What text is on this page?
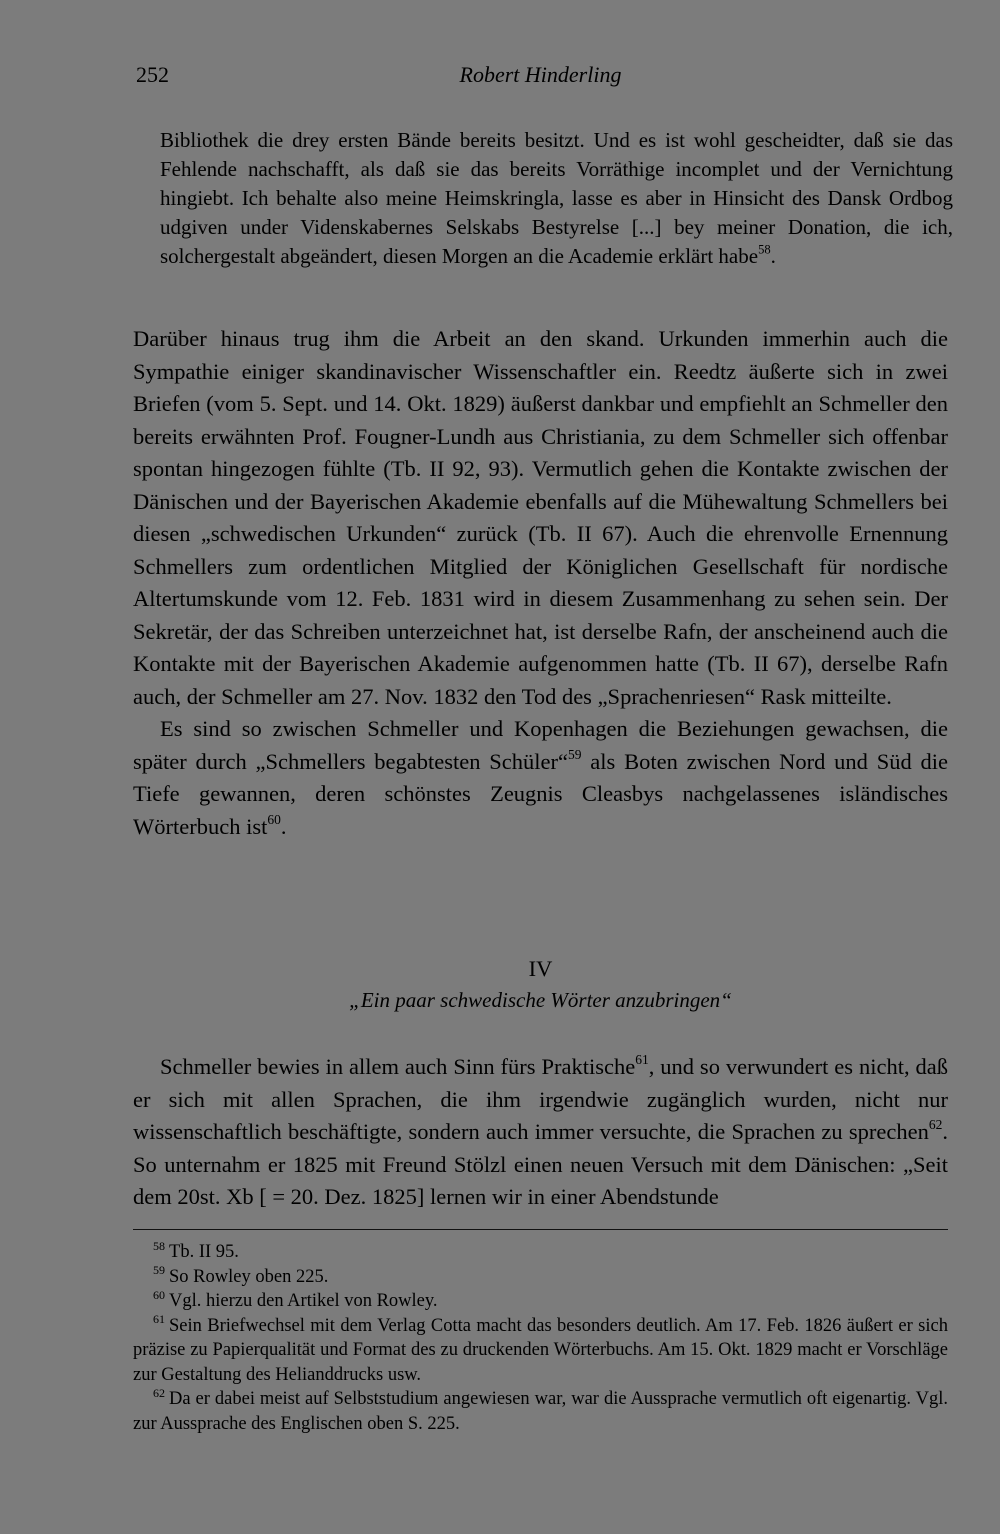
252	Robert Hinderling

Bibliothek die drey ersten Bände bereits besitzt. Und es ist wohl gescheidter, daß sie das Fehlende nachschafft, als daß sie das bereits Vorräthige incomplet und der Vernichtung hingiebt. Ich behalte also meine Heimskringla, lasse es aber in Hinsicht des Dansk Ordbog udgiven under Videnskabernes Selskabs Bestyrelse [...] bey meiner Donation, die ich, solchergestalt abgeändert, diesen Morgen an die Academie erklärt habe$^{58}$.

Darüber hinaus trug ihm die Arbeit an den skand. Urkunden immerhin auch die Sympathie einiger skandinavischer Wissenschaftler ein. Reedtz äußerte sich in zwei Briefen (vom 5. Sept. und 14. Okt. 1829) äußerst dankbar und empfiehlt an Schmeller den bereits erwähnten Prof. Fougner-Lundh aus Christiania, zu dem Schmeller sich offenbar spontan hingezogen fühlte (Tb. II 92, 93). Vermutlich gehen die Kontakte zwischen der Dänischen und der Bayerischen Akademie ebenfalls auf die Mühewaltung Schmellers bei diesen „schwedischen Urkunden“ zurück (Tb. II 67). Auch die ehrenvolle Ernennung Schmellers zum ordentlichen Mitglied der Königlichen Gesellschaft für nordische Altertumskunde vom 12. Feb. 1831 wird in diesem Zusammenhang zu sehen sein. Der Sekretär, der das Schreiben unterzeichnet hat, ist derselbe Rafn, der anscheinend auch die Kontakte mit der Bayerischen Akademie aufgenommen hatte (Tb. II 67), derselbe Rafn auch, der Schmeller am 27. Nov. 1832 den Tod des „Sprachenriesen“ Rask mitteilte.

Es sind so zwischen Schmeller und Kopenhagen die Beziehungen gewachsen, die später durch „Schmellers begabtesten Schüler“$^{59}$ als Boten zwischen Nord und Süd die Tiefe gewannen, deren schönstes Zeugnis Cleasbys nachgelassenes isländisches Wörterbuch ist$^{60}$.

IV
„Ein paar schwedische Wörter anzubringen“

Schmeller bewies in allem auch Sinn fürs Praktische$^{61}$, und so verwundert es nicht, daß er sich mit allen Sprachen, die ihm irgendwie zugänglich wurden, nicht nur wissenschaftlich beschäftigte, sondern auch immer versuchte, die Sprachen zu sprechen$^{62}$. So unternahm er 1825 mit Freund Stölzl einen neuen Versuch mit dem Dänischen: „Seit dem 20st. Xb [ = 20. Dez. 1825] lernen wir in einer Abendstunde

$^{58}$ Tb. II 95.

$^{59}$ So Rowley oben 225.

$^{60}$ Vgl. hierzu den Artikel von Rowley.

$^{61}$ Sein Briefwechsel mit dem Verlag Cotta macht das besonders deutlich. Am 17. Feb. 1826 äußert er sich präzise zu Papierqualität und Format des zu druckenden Wörterbuchs. Am 15. Okt. 1829 macht er Vorschläge zur Gestaltung des Helianddrucks usw.

$^{62}$ Da er dabei meist auf Selbststudium angewiesen war, war die Aussprache vermutlich oft eigenartig. Vgl. zur Aussprache des Englischen oben S. 225.
